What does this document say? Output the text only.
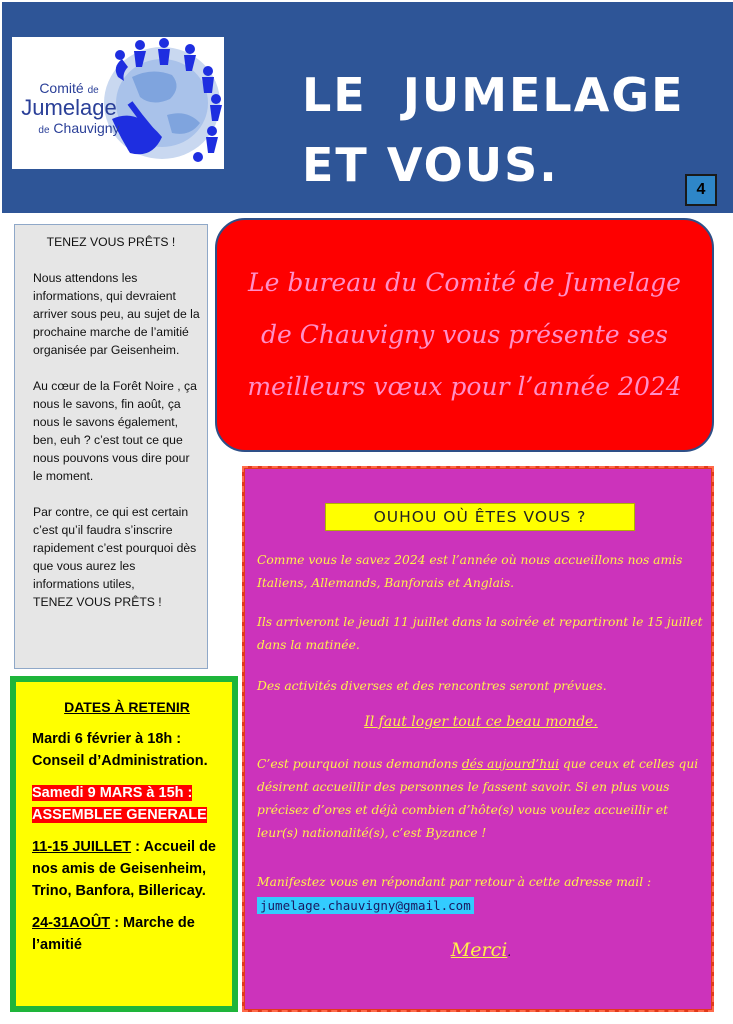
Comité de
Jumelage
de Chauvigny
LE  JUMELAGE
ET VOUS.	4
TENEZ VOUS PRÊTS !

Nous attendons les informations, qui devraient arriver sous peu, au sujet de la prochaine marche de l’amitié organisée par Geisenheim.

Au cœur de la Forêt Noire , ça nous le savons, fin août, ça nous le savons également, ben, euh ? c’est tout ce que nous pouvons vous dire pour le moment.

Par contre, ce qui est certain c’est qu’il faudra s’inscrire rapidement c’est pourquoi dès que vous aurez les informations utiles,
TENEZ VOUS PRÊTS !
Le bureau du Comité de Jumelage de Chauvigny vous présente ses meilleurs vœux pour l’année 2024
DATES À RETENIR
Mardi 6 février à 18h : Conseil d’Administration.
Samedi 9 MARS à 15h :
ASSEMBLEE GENERALE
11-15 JUILLET : Accueil de nos amis de Geisenheim, Trino, Banfora, Billericay.
24-31AOÛT : Marche de l’amitié
OUHOU OÙ ÊTES VOUS ?
Comme vous le savez 2024 est l’année où nous accueillons nos amis Italiens, Allemands, Banforais et Anglais.
Ils arriveront le jeudi 11 juillet dans la soirée et repartiront le 15 juillet dans la matinée.
Des activités diverses et des rencontres seront prévues.
Il faut loger tout ce beau monde.
C’est pourquoi nous demandons dés aujourd’hui que ceux et celles qui désirent accueillir des personnes le fassent savoir. Si en plus vous précisez d’ores et déjà combien d’hôte(s) vous voulez accueillir et leur(s) nationalité(s), c’est Byzance !
Manifestez vous en répondant par retour à cette adresse mail : jumelage.chauvigny@gmail.com
Merci.
